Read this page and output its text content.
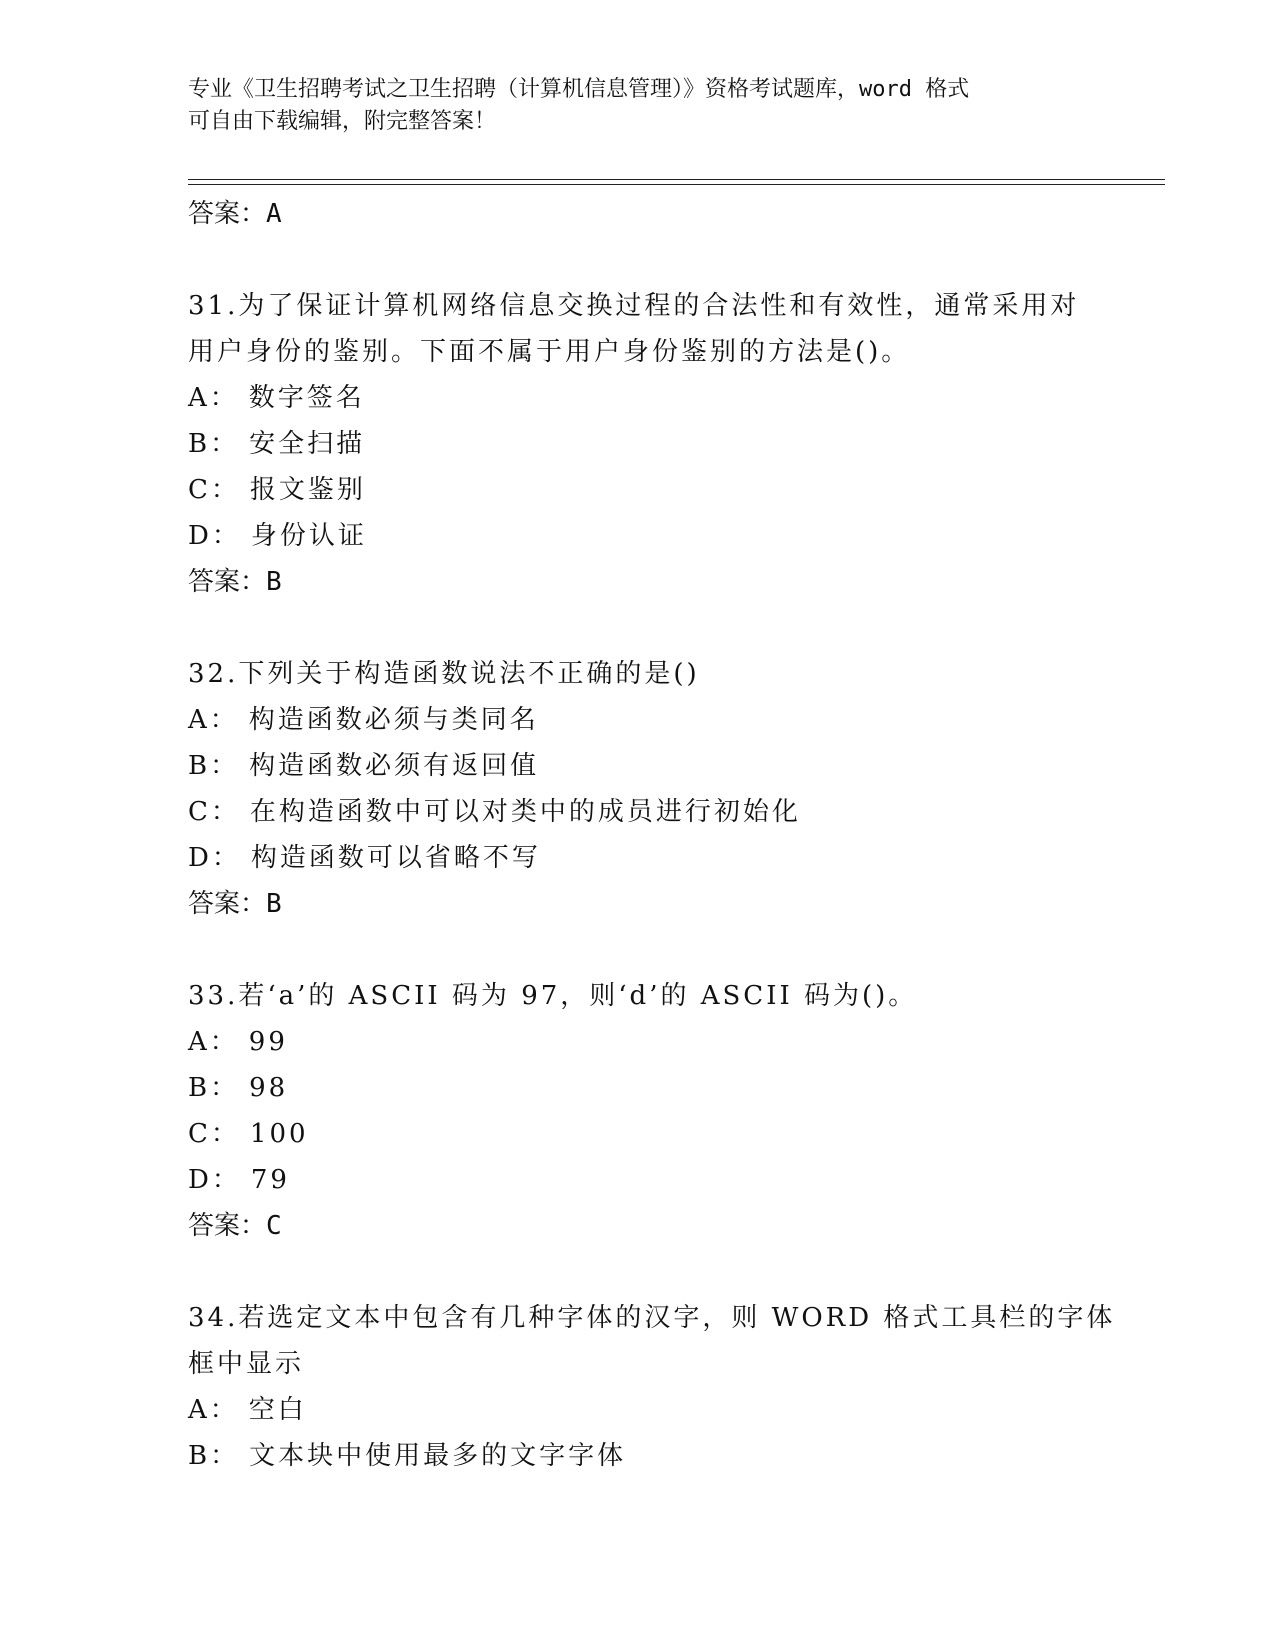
专业《卫生招聘考试之卫生招聘（计算机信息管理）》资格考试题库，word 格式
可自由下载编辑，附完整答案！
答案：A
31.为了保证计算机网络信息交换过程的合法性和有效性，通常采用对
用户身份的鉴别。下面不属于用户身份鉴别的方法是()。
A： 数字签名
B： 安全扫描
C： 报文鉴别
D： 身份认证
答案：B
32.下列关于构造函数说法不正确的是()
A： 构造函数必须与类同名
B： 构造函数必须有返回值
C： 在构造函数中可以对类中的成员进行初始化
D： 构造函数可以省略不写
答案：B
33.若‘a’的 ASCII 码为 97，则‘d’的 ASCII 码为()。
A： 99
B： 98
C： 100
D： 79
答案：C
34.若选定文本中包含有几种字体的汉字，则 WORD 格式工具栏的字体
框中显示
A： 空白
B： 文本块中使用最多的文字字体
